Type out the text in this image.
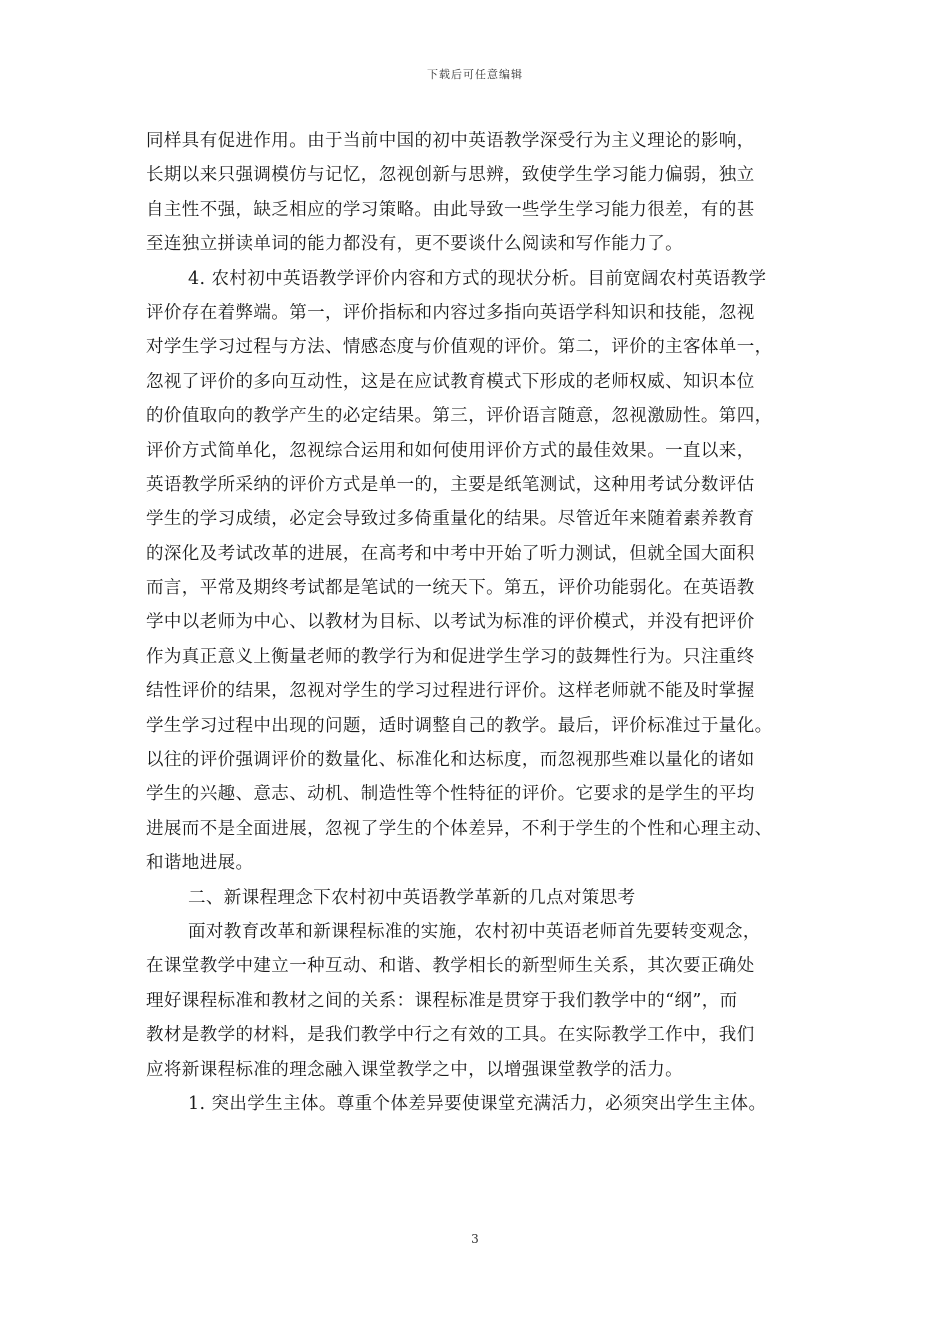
下载后可任意编辑
同样具有促进作用。由于当前中国的初中英语教学深受行为主义理论的影响，
长期以来只强调模仿与记忆，忽视创新与思辨，致使学生学习能力偏弱，独立
自主性不强，缺乏相应的学习策略。由此导致一些学生学习能力很差，有的甚
至连独立拼读单词的能力都没有，更不要谈什么阅读和写作能力了。
4. 农村初中英语教学评价内容和方式的现状分析。目前宽阔农村英语教学
评价存在着弊端。第一，评价指标和内容过多指向英语学科知识和技能，忽视
对学生学习过程与方法、情感态度与价值观的评价。第二，评价的主客体单一，
忽视了评价的多向互动性，这是在应试教育模式下形成的老师权威、知识本位
的价值取向的教学产生的必定结果。第三，评价语言随意，忽视激励性。第四，
评价方式简单化，忽视综合运用和如何使用评价方式的最佳效果。一直以来，
英语教学所采纳的评价方式是单一的，主要是纸笔测试，这种用考试分数评估
学生的学习成绩，必定会导致过多倚重量化的结果。尽管近年来随着素养教育
的深化及考试改革的进展，在高考和中考中开始了听力测试，但就全国大面积
而言，平常及期终考试都是笔试的一统天下。第五，评价功能弱化。在英语教
学中以老师为中心、以教材为目标、以考试为标准的评价模式，并没有把评价
作为真正意义上衡量老师的教学行为和促进学生学习的鼓舞性行为。只注重终
结性评价的结果，忽视对学生的学习过程进行评价。这样老师就不能及时掌握
学生学习过程中出现的问题，适时调整自己的教学。最后，评价标准过于量化。
以往的评价强调评价的数量化、标准化和达标度，而忽视那些难以量化的诸如
学生的兴趣、意志、动机、制造性等个性特征的评价。它要求的是学生的平均
进展而不是全面进展，忽视了学生的个体差异，不利于学生的个性和心理主动、
和谐地进展。
二、新课程理念下农村初中英语教学革新的几点对策思考
面对教育改革和新课程标准的实施，农村初中英语老师首先要转变观念，
在课堂教学中建立一种互动、和谐、教学相长的新型师生关系，其次要正确处
理好课程标准和教材之间的关系：课程标准是贯穿于我们教学中的“纲”，而
教材是教学的材料，是我们教学中行之有效的工具。在实际教学工作中，我们
应将新课程标准的理念融入课堂教学之中，以增强课堂教学的活力。
1. 突出学生主体。尊重个体差异要使课堂充满活力，必须突出学生主体。
3
